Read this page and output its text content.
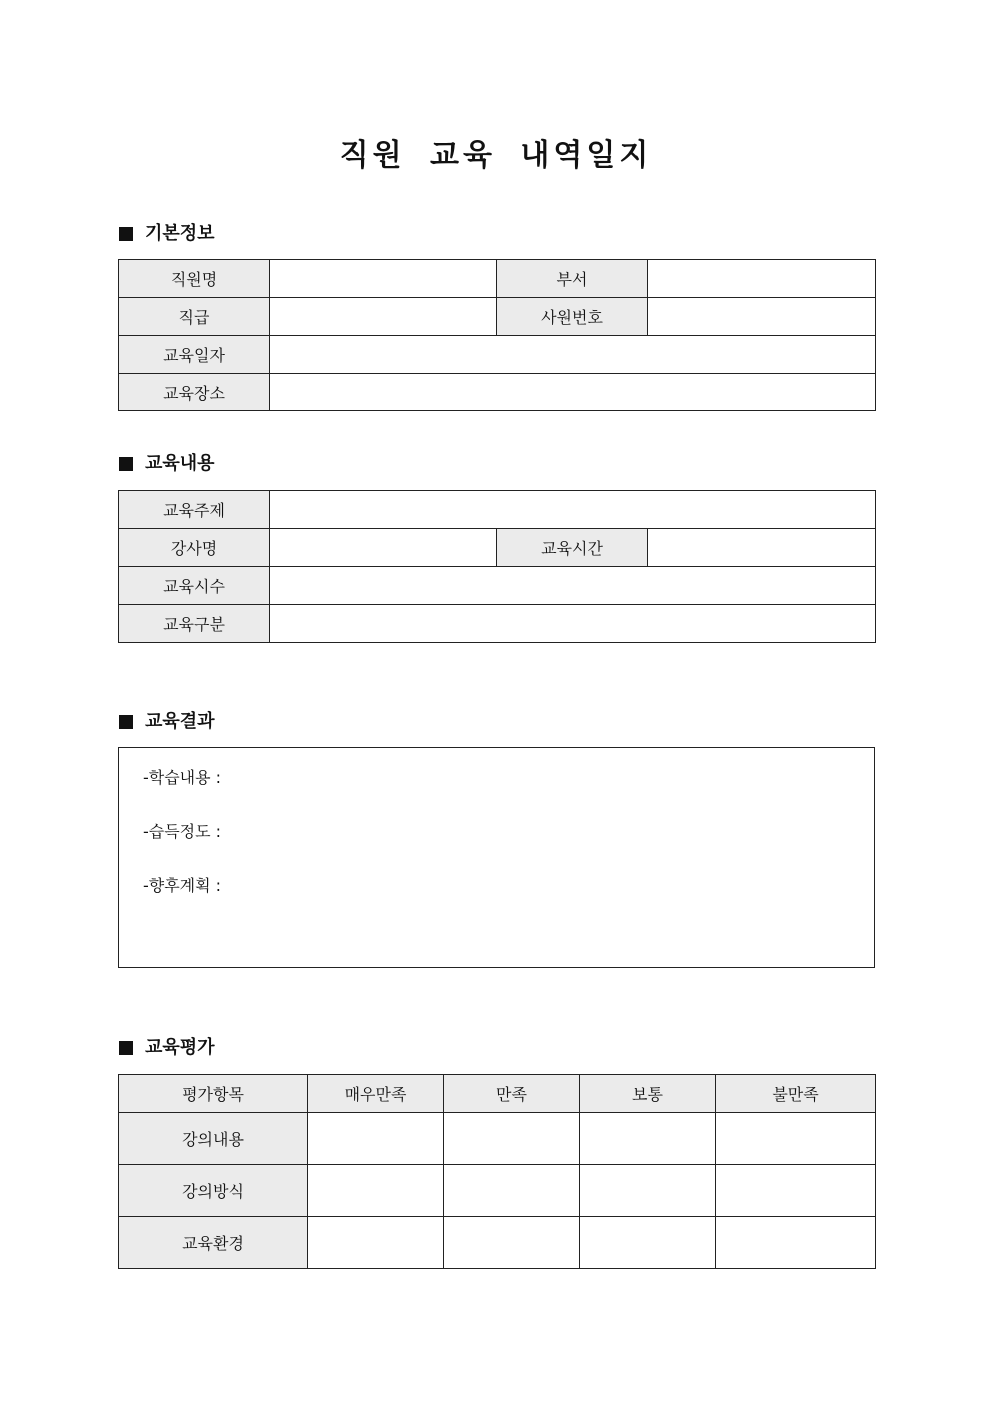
직원 교육 내역일지
기본정보
직원명		부서	
직급		사원번호	
교육일자			
교육장소			
교육내용
교육주제			
강사명		교육시간	
교육시수			
교육구분			
교육결과
-학습내용 :
-습득정도 :
-향후계획 :
교육평가
평가항목	매우만족	만족	보통	불만족
강의내용				
강의방식				
교육환경				
